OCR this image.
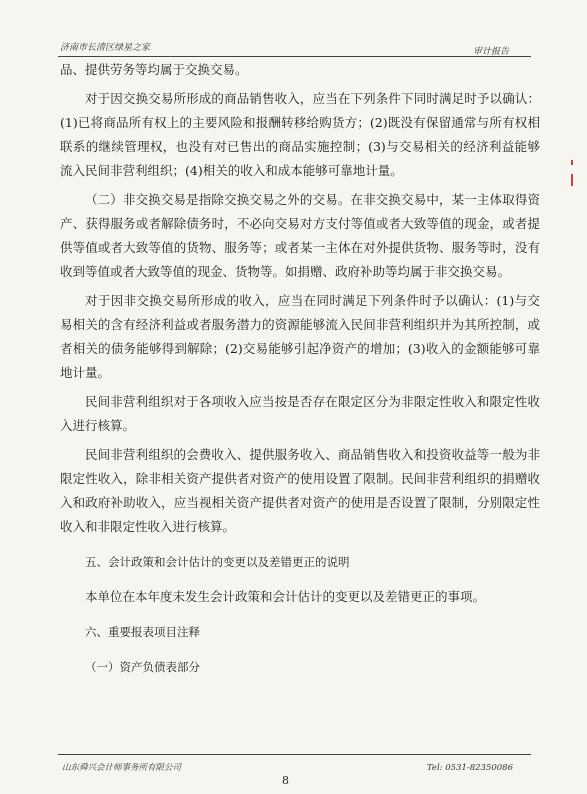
济南市长清区绿星之家	审计报告

品、提供劳务等均属于交换交易。

对于因交换交易所形成的商品销售收入，应当在下列条件下同时满足时予以确认：(1)已将商品所有权上的主要风险和报酬转移给购货方；(2)既没有保留通常与所有权相联系的继续管理权，也没有对已售出的商品实施控制；(3)与交易相关的经济利益能够流入民间非营利组织；(4)相关的收入和成本能够可靠地计量。

（二）非交换交易是指除交换交易之外的交易。在非交换交易中，某一主体取得资产、获得服务或者解除债务时，不必向交易对方支付等值或者大致等值的现金，或者提供等值或者大致等值的货物、服务等；或者某一主体在对外提供货物、服务等时，没有收到等值或者大致等值的现金、货物等。如捐赠、政府补助等均属于非交换交易。

对于因非交换交易所形成的收入，应当在同时满足下列条件时予以确认：(1)与交易相关的含有经济利益或者服务潜力的资源能够流入民间非营利组织并为其所控制，或者相关的债务能够得到解除；(2)交易能够引起净资产的增加；(3)收入的金额能够可靠地计量。

民间非营利组织对于各项收入应当按是否存在限定区分为非限定性收入和限定性收入进行核算。

民间非营利组织的会费收入、提供服务收入、商品销售收入和投资收益等一般为非限定性收入，除非相关资产提供者对资产的使用设置了限制。民间非营利组织的捐赠收入和政府补助收入，应当视相关资产提供者对资产的使用是否设置了限制，分别限定性收入和非限定性收入进行核算。

五、会计政策和会计估计的变更以及差错更正的说明

本单位在本年度未发生会计政策和会计估计的变更以及差错更正的事项。

六、重要报表项目注释

（一）资产负债表部分

山东舜兴会计师事务所有限公司	Tel: 0531-82350086
8
